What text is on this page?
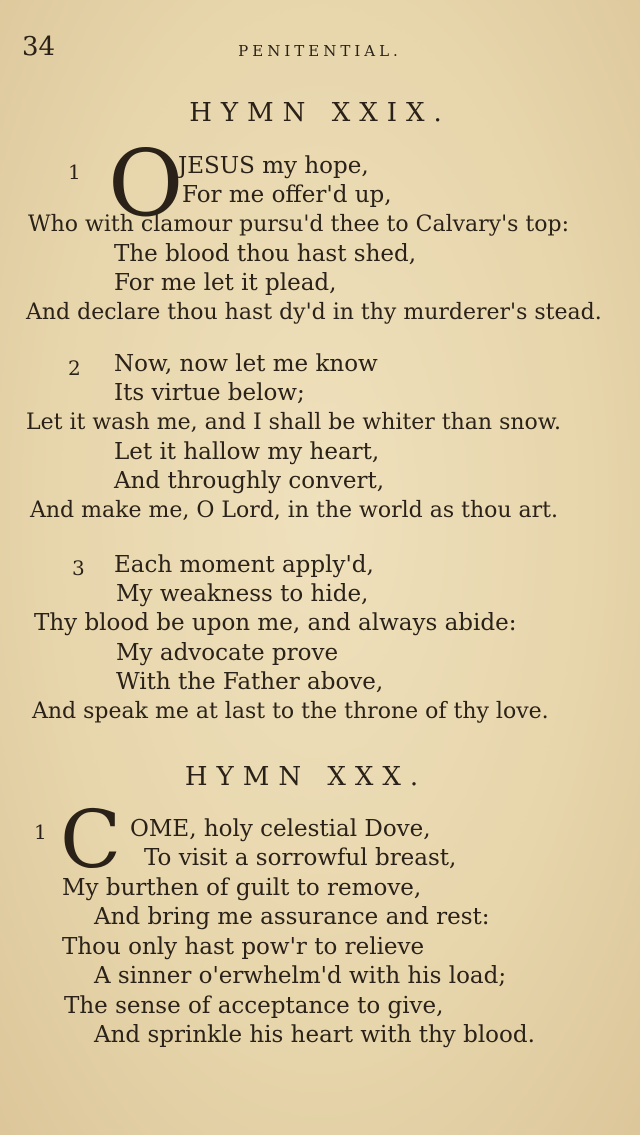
34	PENITENTIAL.
HYMN XXIX.
1 O
JESUS my hope,
For me offer'd up,
Who with clamour pursu'd thee to Calvary's top:
The blood thou hast shed,
For me let it plead,
And declare thou hast dy'd in thy murderer's stead.
2 Now, now let me know
Its virtue below;
Let it wash me, and I shall be whiter than snow.
Let it hallow my heart,
And throughly convert,
And make me, O Lord, in the world as thou art.
3 Each moment apply'd,
My weakness to hide,
Thy blood be upon me, and always abide:
My advocate prove
With the Father above,
And speak me at last to the throne of thy love.
HYMN XXX.
1 C OME, holy celestial Dove,
To visit a sorrowful breast,
My burthen of guilt to remove,
And bring me assurance and rest:
Thou only hast pow'r to relieve
A sinner o'erwhelm'd with his load;
The sense of acceptance to give,
And sprinkle his heart with thy blood.
